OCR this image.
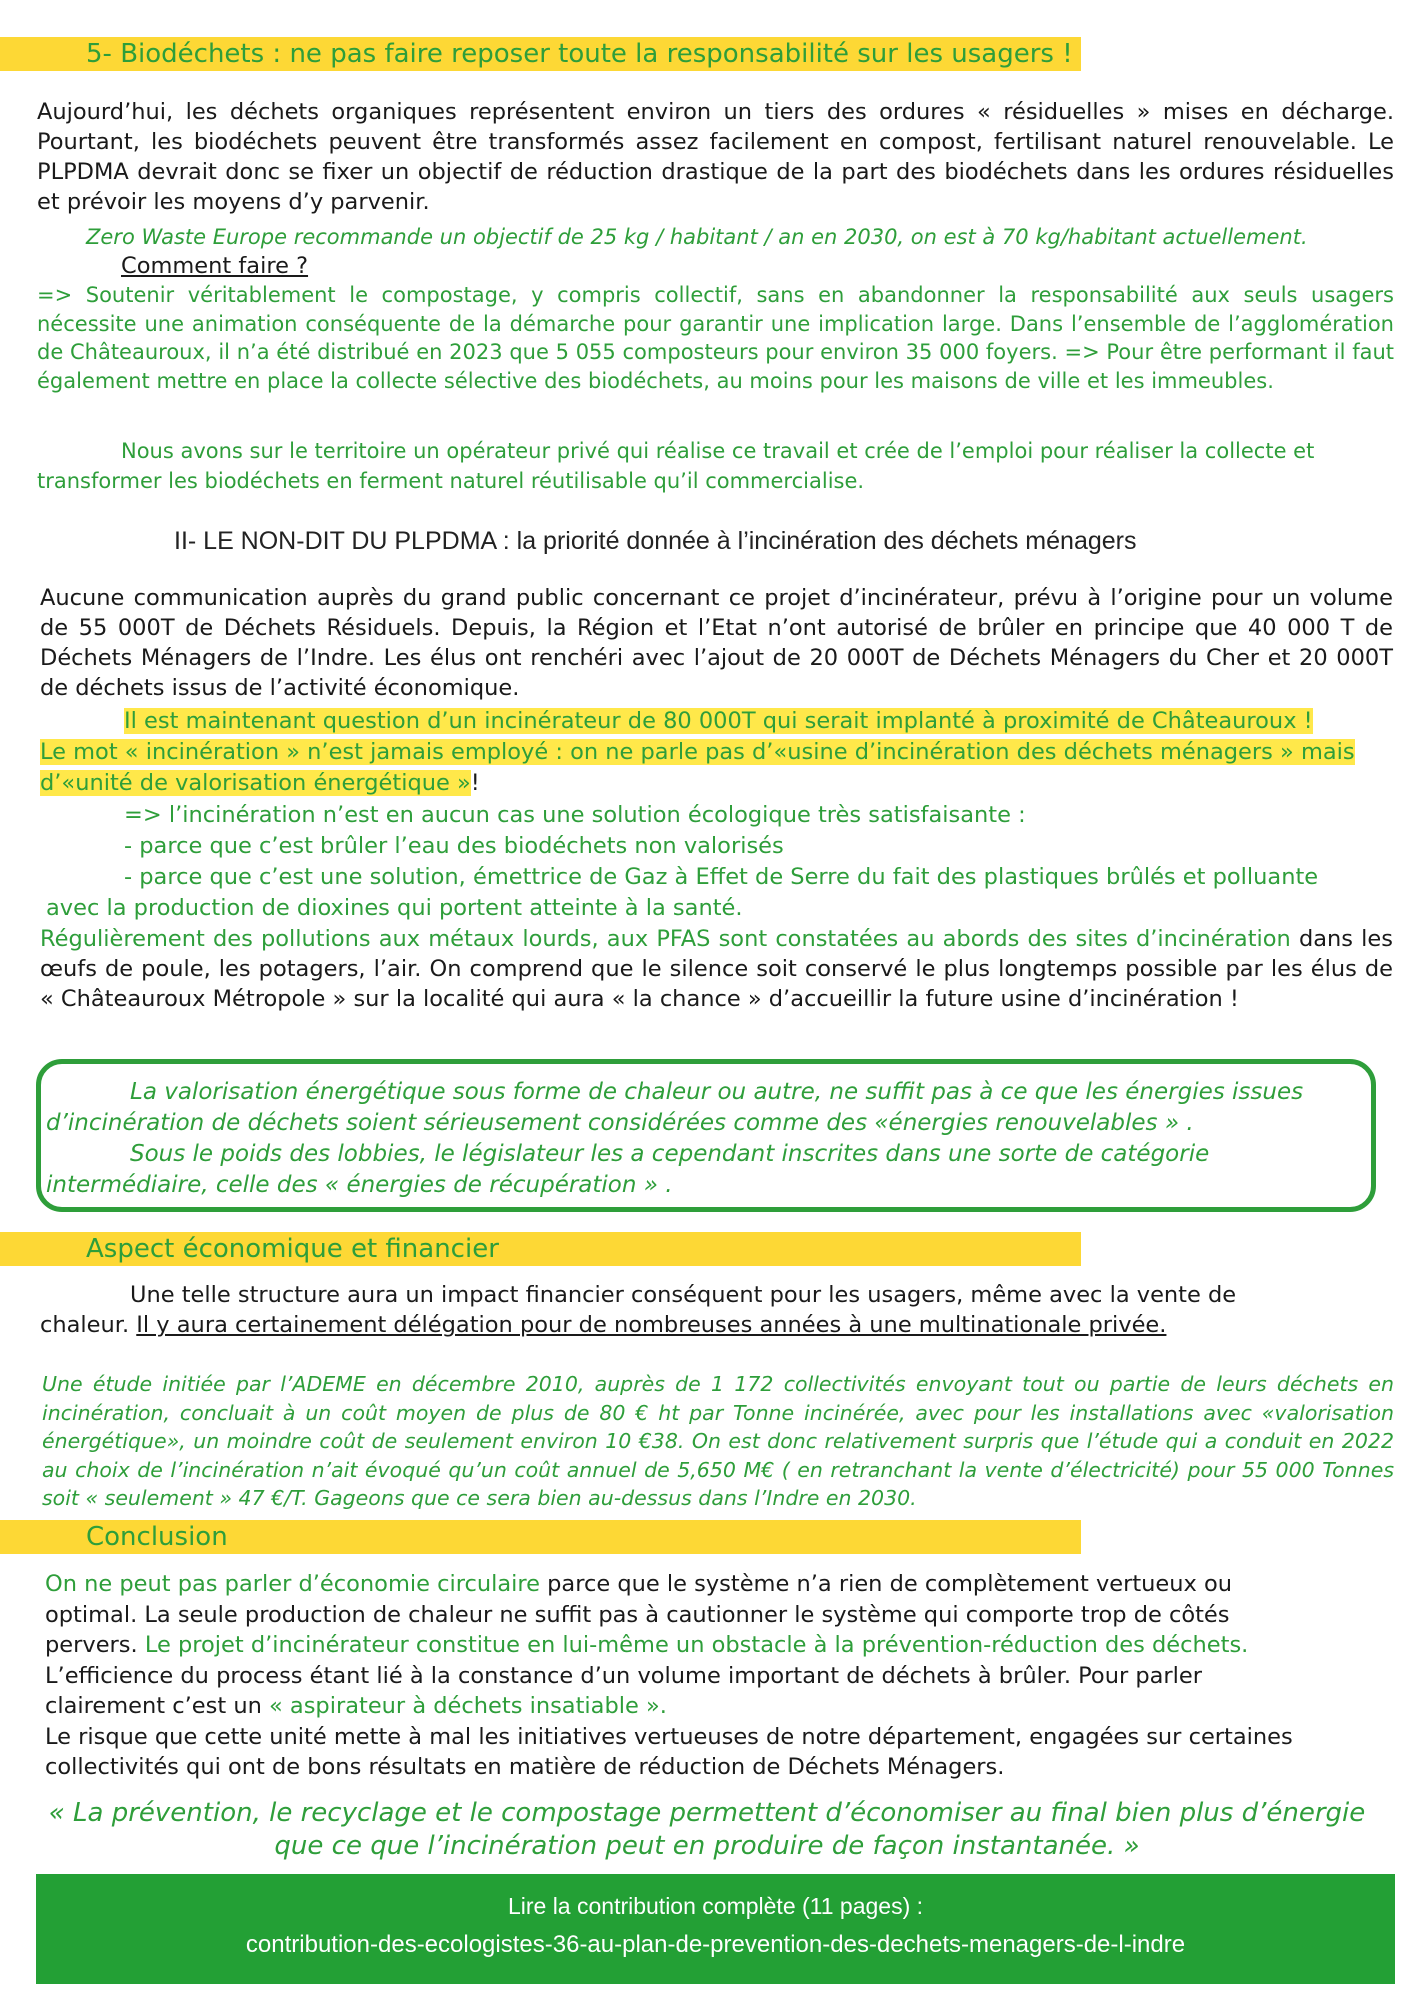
5- Biodéchets : ne pas faire reposer toute la responsabilité sur les usagers !

Aujourd’hui, les déchets organiques représentent environ un tiers des ordures « résiduelles » mises en décharge. Pourtant, les biodéchets peuvent être transformés assez facilement en compost, fertilisant naturel renouvelable. Le PLPDMA devrait donc se fixer un objectif de réduction drastique de la part des biodéchets dans les ordures résiduelles et prévoir les moyens d’y parvenir.

Zero Waste Europe recommande un objectif de 25 kg / habitant / an en 2030, on est à 70 kg/habitant actuellement.

Comment faire ?

=> Soutenir véritablement le compostage, y compris collectif, sans en abandonner la responsabilité aux seuls usagers nécessite une animation conséquente de la démarche pour garantir une implication large. Dans l’ensemble de l’agglomération de Châteauroux, il n’a été distribué en 2023 que 5 055 composteurs pour environ 35 000 foyers. => Pour être performant il faut également mettre en place la collecte sélective des biodéchets, au moins pour les maisons de ville et les immeubles.

Nous avons sur le territoire un opérateur privé qui réalise ce travail et crée de l’emploi pour réaliser la collecte et transformer les biodéchets en ferment naturel réutilisable qu’il commercialise.

II- LE NON-DIT DU PLPDMA : la priorité donnée à l’incinération des déchets ménagers

Aucune communication auprès du grand public concernant ce projet d’incinérateur, prévu à l’origine pour un volume de 55 000T de Déchets Résiduels. Depuis, la Région et l’Etat n’ont autorisé de brûler en principe que 40 000 T de Déchets Ménagers de l’Indre. Les élus ont renchéri avec l’ajout de 20 000T de Déchets Ménagers du Cher et 20 000T de déchets issus de l’activité économique.

Il est maintenant question d’un incinérateur de 80 000T qui serait implanté à proximité de Châteauroux !
Le mot « incinération » n’est jamais employé : on ne parle pas d’«usine d’incinération des déchets ménagers » mais d’«unité de valorisation énergétique »!
=> l’incinération n’est en aucun cas une solution écologique très satisfaisante :
- parce que c’est brûler l’eau des biodéchets non valorisés
- parce que c’est une solution, émettrice de Gaz à Effet de Serre du fait des plastiques brûlés et polluante
avec la production de dioxines qui portent atteinte à la santé.

Régulièrement des pollutions aux métaux lourds, aux PFAS sont constatées au abords des sites d’incinération dans les œufs de poule, les potagers, l’air. On comprend que le silence soit conservé le plus longtemps possible par les élus de « Châteauroux Métropole » sur la localité qui aura « la chance » d’accueillir la future usine d’incinération !

La valorisation énergétique sous forme de chaleur ou autre, ne suffit pas à ce que les énergies issues d’incinération de déchets soient sérieusement considérées comme des «énergies renouvelables » .

Sous le poids des lobbies, le législateur les a cependant inscrites dans une sorte de catégorie intermédiaire, celle des « énergies de récupération » .

Aspect économique et financier

Une telle structure aura un impact financier conséquent pour les usagers, même avec la vente de chaleur. Il y aura certainement délégation pour de nombreuses années à une multinationale privée.

Une étude initiée par l’ADEME en décembre 2010, auprès de 1 172 collectivités envoyant tout ou partie de leurs déchets en incinération, concluait à un coût moyen de plus de 80 € ht par Tonne incinérée, avec pour les installations avec «valorisation énergétique», un moindre coût de seulement environ 10 €38. On est donc relativement surpris que l’étude qui a conduit en 2022 au choix de l’incinération n’ait évoqué qu’un coût annuel de 5,650 M€ ( en retranchant la vente d’électricité) pour 55 000 Tonnes soit « seulement » 47 €/T. Gageons que ce sera bien au-dessus dans l’Indre en 2030.

Conclusion

On ne peut pas parler d’économie circulaire parce que le système n’a rien de complètement vertueux ou optimal. La seule production de chaleur ne suffit pas à cautionner le système qui comporte trop de côtés pervers. Le projet d’incinérateur constitue en lui-même un obstacle à la prévention-réduction des déchets.
L’efficience du process étant lié à la constance d’un volume important de déchets à brûler. Pour parler clairement c’est un « aspirateur à déchets insatiable ».
Le risque que cette unité mette à mal les initiatives vertueuses de notre département, engagées sur certaines collectivités qui ont de bons résultats en matière de réduction de Déchets Ménagers.

« La prévention, le recyclage et le compostage permettent d’économiser au final bien plus d’énergie
que ce que l’incinération peut en produire de façon instantanée. »
Lire la contribution complète (11 pages) :
contribution-des-ecologistes-36-au-plan-de-prevention-des-dechets-menagers-de-l-indre
